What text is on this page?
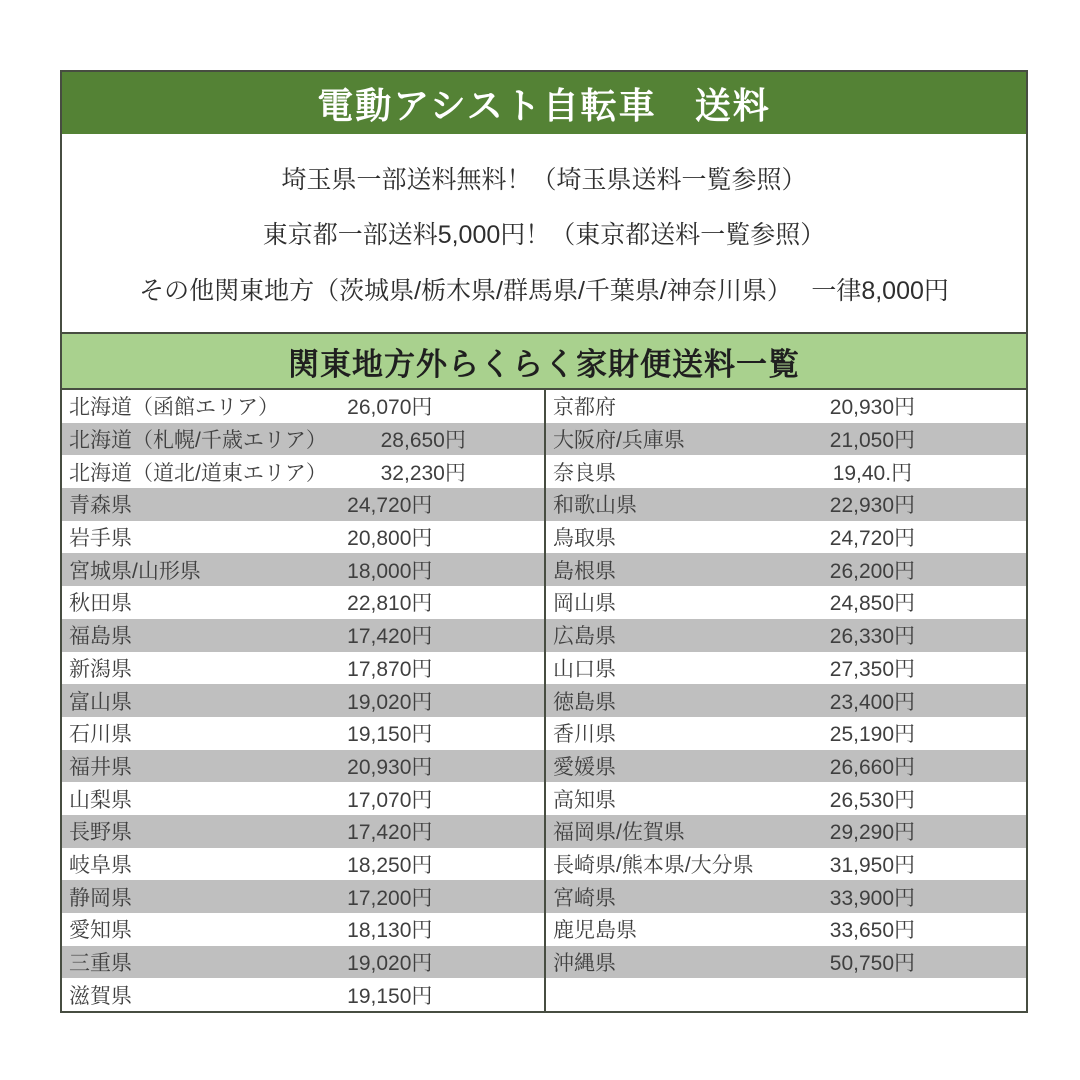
電動アシスト自転車　送料

埼玉県一部送料無料！（埼玉県送料一覧参照）

東京都一部送料5,000円！（東京都送料一覧参照）

その他関東地方（茨城県/栃木県/群馬県/千葉県/神奈川県）　 一律8,000円

関東地方外らくらく家財便送料一覧
北海道（函館エリア）	26,070円	京都府	20,930円
北海道（札幌/千歳エリア）	28,650円	大阪府/兵庫県	21,050円
北海道（道北/道東エリア）	32,230円	奈良県	19,40.円
青森県	24,720円	和歌山県	22,930円
岩手県	20,800円	鳥取県	24,720円
宮城県/山形県	18,000円	島根県	26,200円
秋田県	22,810円	岡山県	24,850円
福島県	17,420円	広島県	26,330円
新潟県	17,870円	山口県	27,350円
富山県	19,020円	徳島県	23,400円
石川県	19,150円	香川県	25,190円
福井県	20,930円	愛媛県	26,660円
山梨県	17,070円	高知県	26,530円
長野県	17,420円	福岡県/佐賀県	29,290円
岐阜県	18,250円	長崎県/熊本県/大分県	31,950円
静岡県	17,200円	宮崎県	33,900円
愛知県	18,130円	鹿児島県	33,650円
三重県	19,020円	沖縄県	50,750円
滋賀県	19,150円
